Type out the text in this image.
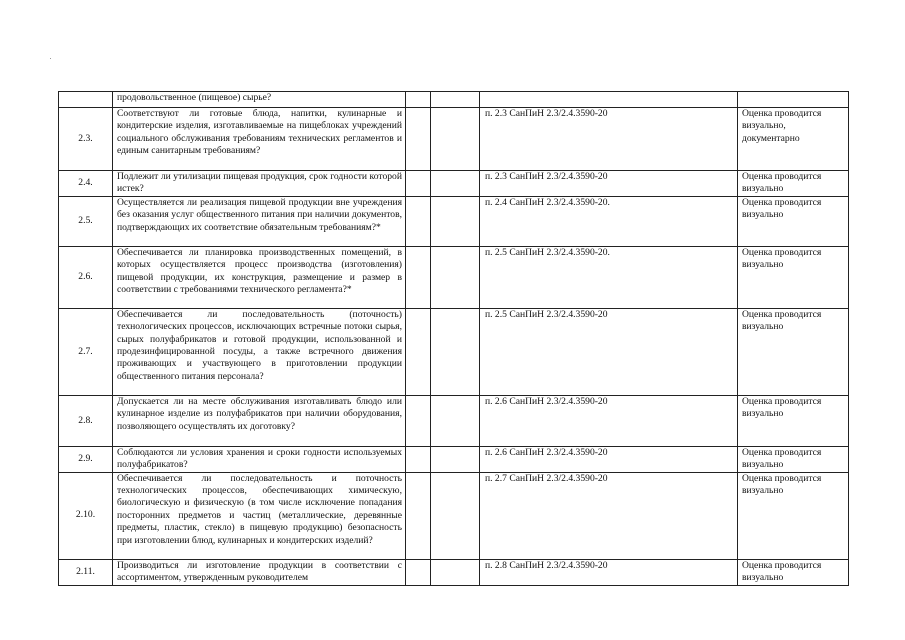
	продовольственное (пищевое) сырье?				
2.3.	Соответствуют ли готовые блюда, напитки, кулинарные и кондитерские изделия, изготавливаемые на пищеблоках учреждений социального обслуживания требованиям технических регламентов и единым санитарным требованиям?			п. 2.3 СанПиН 2.3/2.4.3590-20	Оценка проводится визуально, документарно
2.4.	Подлежит ли утилизации пищевая продукция, срок годности которой истек?			п. 2.3 СанПиН 2.3/2.4.3590-20	Оценка проводится визуально
2.5.	Осуществляется ли реализация пищевой продукции вне учреждения без оказания услуг общественного питания при наличии документов, подтверждающих их соответствие обязательным требованиям?*			п. 2.4 СанПиН 2.3/2.4.3590-20.	Оценка проводится визуально
2.6.	Обеспечивается ли планировка производственных помещений, в которых осуществляется процесс производства (изготовления) пищевой продукции, их конструкция, размещение и размер в соответствии с требованиями технического регламента?*			п. 2.5 СанПиН 2.3/2.4.3590-20.	Оценка проводится визуально
2.7.	Обеспечивается ли последовательность (поточность) технологических процессов, исключающих встречные потоки сырья, сырых полуфабрикатов и готовой продукции, использованной и продезинфицированной посуды, а также встречного движения проживающих и участвующего в приготовлении продукции общественного питания персонала?			п. 2.5 СанПиН 2.3/2.4.3590-20	Оценка проводится визуально
2.8.	Допускается ли на месте обслуживания изготавливать блюдо или кулинарное изделие из полуфабрикатов при наличии оборудования, позволяющего осуществлять их доготовку?			п. 2.6 СанПиН 2.3/2.4.3590-20	Оценка проводится визуально
2.9.	Соблюдаются ли условия хранения и сроки годности используемых полуфабрикатов?			п. 2.6 СанПиН 2.3/2.4.3590-20	Оценка проводится визуально
2.10.	Обеспечивается ли последовательность и поточность технологических процессов, обеспечивающих химическую, биологическую и физическую (в том числе исключение попадания посторонних предметов и частиц (металлические, деревянные предметы, пластик, стекло) в пищевую продукцию) безопасность при изготовлении блюд, кулинарных и кондитерских изделий?			п. 2.7 СанПиН 2.3/2.4.3590-20	Оценка проводится визуально
2.11.	Производиться ли изготовление продукции в соответствии с ассортиментом, утвержденным руководителем			п. 2.8 СанПиН 2.3/2.4.3590-20	Оценка проводится визуально
